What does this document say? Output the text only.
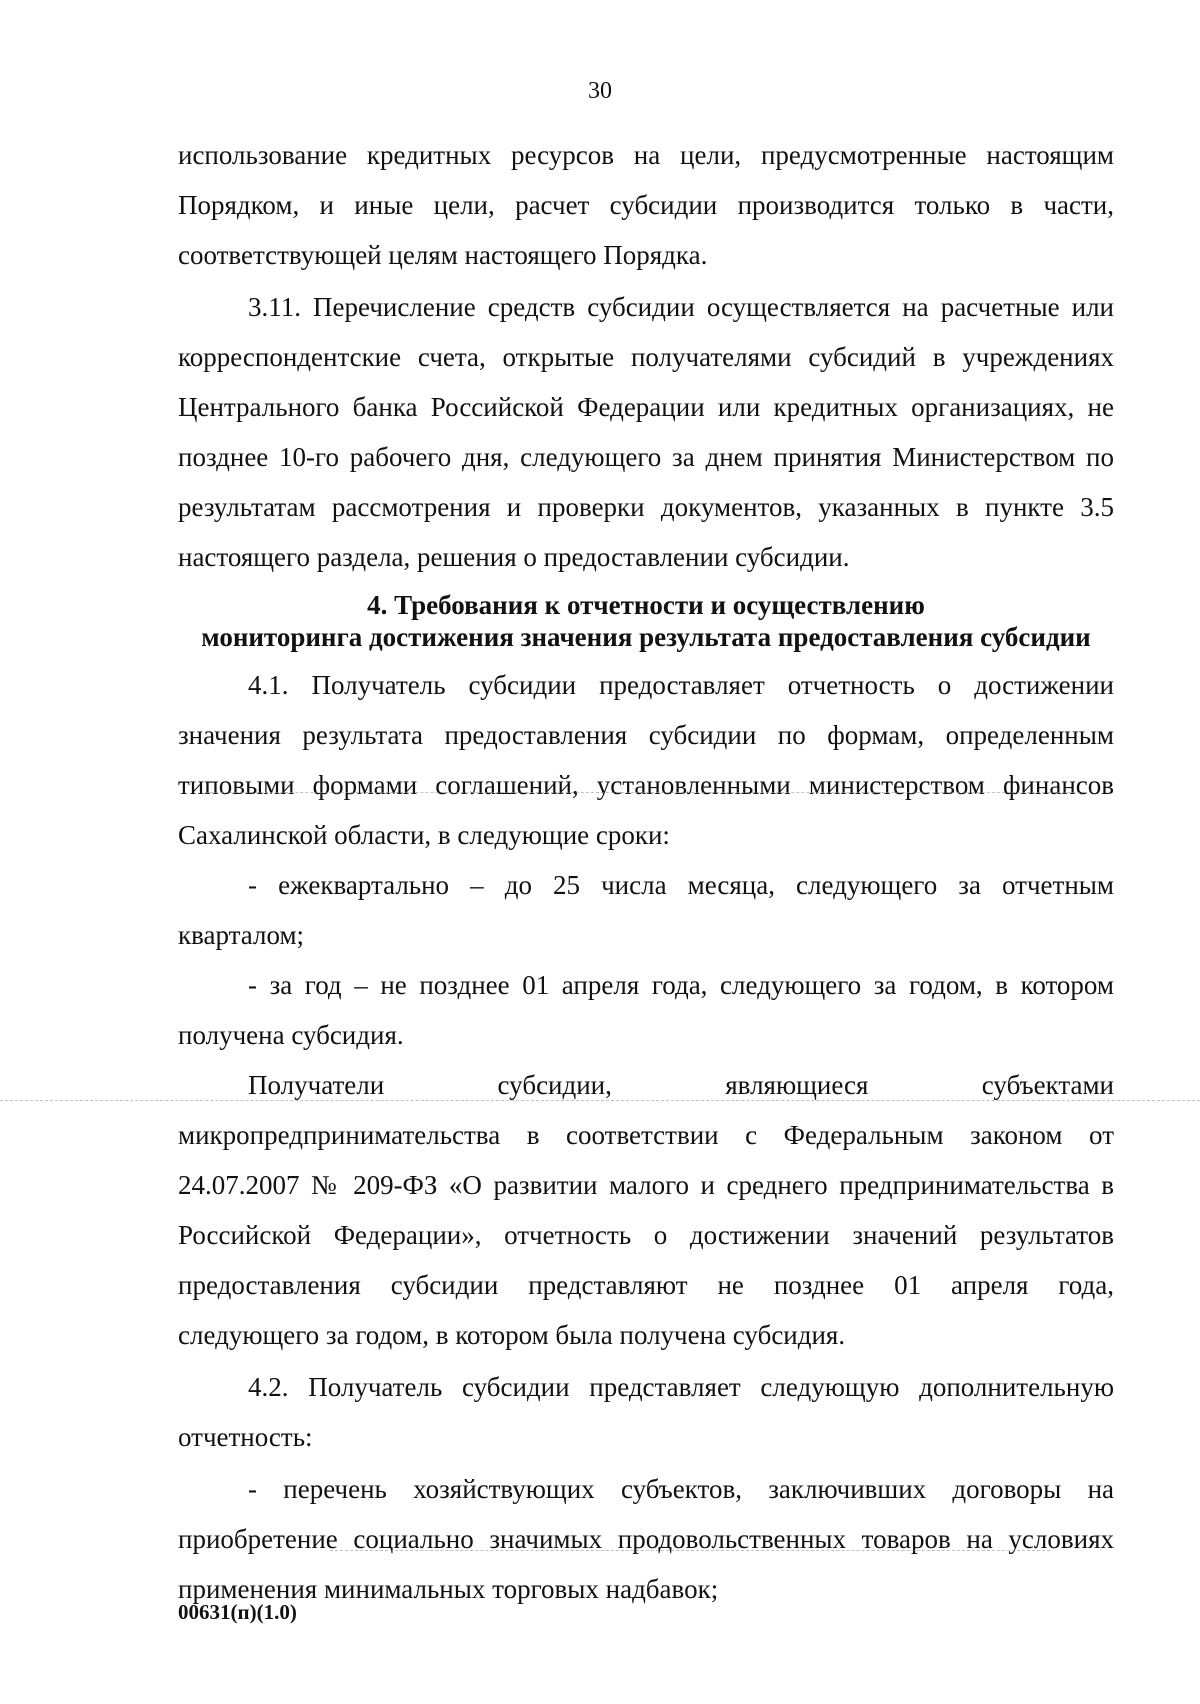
30
использование кредитных ресурсов на цели, предусмотренные настоящим
Порядком, и иные цели, расчет субсидии производится только в части,
соответствующей целям настоящего Порядка.
3.11. Перечисление средств субсидии осуществляется на расчетные или
корреспондентские счета, открытые получателями субсидий в учреждениях
Центрального банка Российской Федерации или кредитных организациях, не
позднее 10-го рабочего дня, следующего за днем принятия Министерством по
результатам рассмотрения и проверки документов, указанных в пункте 3.5
настоящего раздела, решения о предоставлении субсидии.
4. Требования к отчетности и осуществлению
мониторинга достижения значения результата предоставления субсидии
4.1. Получатель субсидии предоставляет отчетность о достижении
значения результата предоставления субсидии по формам, определенным
типовыми формами соглашений, установленными министерством финансов
Сахалинской области, в следующие сроки:
- ежеквартально – до 25 числа месяца, следующего за отчетным
кварталом;
- за год – не позднее 01 апреля года, следующего за годом, в котором
получена субсидия.
Получатели субсидии, являющиеся субъектами
микропредпринимательства в соответствии с Федеральным законом от
24.07.2007 № 209-ФЗ «О развитии малого и среднего предпринимательства в
Российской Федерации», отчетность о достижении значений результатов
предоставления субсидии представляют не позднее 01 апреля года,
следующего за годом, в котором была получена субсидия.
4.2. Получатель субсидии представляет следующую дополнительную
отчетность:
- перечень хозяйствующих субъектов, заключивших договоры на
приобретение социально значимых продовольственных товаров на условиях
применения минимальных торговых надбавок;
00631(п)(1.0)
